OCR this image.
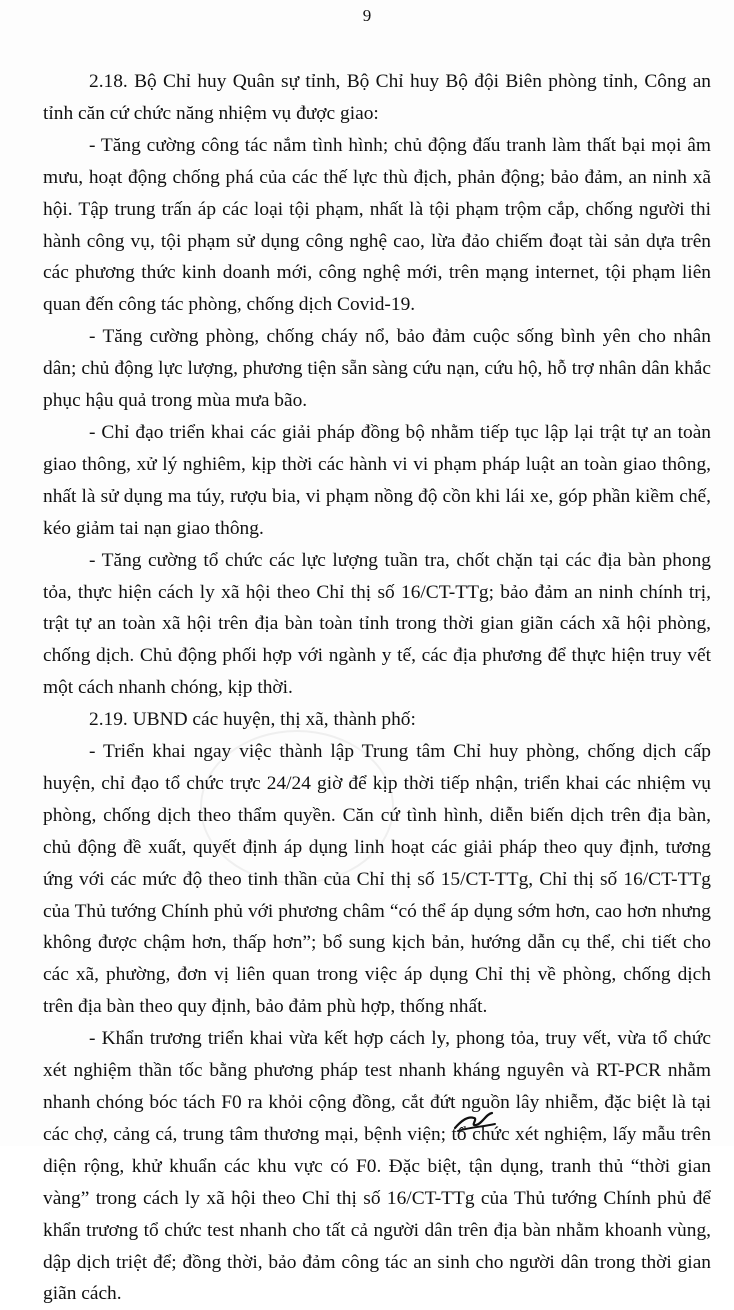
9

2.18. Bộ Chỉ huy Quân sự tỉnh, Bộ Chỉ huy Bộ đội Biên phòng tỉnh, Công an tỉnh căn cứ chức năng nhiệm vụ được giao:

- Tăng cường công tác nắm tình hình; chủ động đấu tranh làm thất bại mọi âm mưu, hoạt động chống phá của các thế lực thù địch, phản động; bảo đảm, an ninh xã hội. Tập trung trấn áp các loại tội phạm, nhất là tội phạm trộm cắp, chống người thi hành công vụ, tội phạm sử dụng công nghệ cao, lừa đảo chiếm đoạt tài sản dựa trên các phương thức kinh doanh mới, công nghệ mới, trên mạng internet, tội phạm liên quan đến công tác phòng, chống dịch Covid-19.

- Tăng cường phòng, chống cháy nổ, bảo đảm cuộc sống bình yên cho nhân dân; chủ động lực lượng, phương tiện sẵn sàng cứu nạn, cứu hộ, hỗ trợ nhân dân khắc phục hậu quả trong mùa mưa bão.

- Chỉ đạo triển khai các giải pháp đồng bộ nhằm tiếp tục lập lại trật tự an toàn giao thông, xử lý nghiêm, kịp thời các hành vi vi phạm pháp luật an toàn giao thông, nhất là sử dụng ma túy, rượu bia, vi phạm nồng độ cồn khi lái xe, góp phần kiềm chế, kéo giảm tai nạn giao thông.

- Tăng cường tổ chức các lực lượng tuần tra, chốt chặn tại các địa bàn phong tỏa, thực hiện cách ly xã hội theo Chỉ thị số 16/CT-TTg; bảo đảm an ninh chính trị, trật tự an toàn xã hội trên địa bàn toàn tỉnh trong thời gian giãn cách xã hội phòng, chống dịch. Chủ động phối hợp với ngành y tế, các địa phương để thực hiện truy vết một cách nhanh chóng, kịp thời.

2.19. UBND các huyện, thị xã, thành phố:

- Triển khai ngay việc thành lập Trung tâm Chỉ huy phòng, chống dịch cấp huyện, chỉ đạo tổ chức trực 24/24 giờ để kịp thời tiếp nhận, triển khai các nhiệm vụ phòng, chống dịch theo thẩm quyền. Căn cứ tình hình, diễn biến dịch trên địa bàn, chủ động đề xuất, quyết định áp dụng linh hoạt các giải pháp theo quy định, tương ứng với các mức độ theo tinh thần của Chỉ thị số 15/CT-TTg, Chỉ thị số 16/CT-TTg của Thủ tướng Chính phủ với phương châm “có thể áp dụng sớm hơn, cao hơn nhưng không được chậm hơn, thấp hơn”; bổ sung kịch bản, hướng dẫn cụ thể, chi tiết cho các xã, phường, đơn vị liên quan trong việc áp dụng Chỉ thị về phòng, chống dịch trên địa bàn theo quy định, bảo đảm phù hợp, thống nhất.

- Khẩn trương triển khai vừa kết hợp cách ly, phong tỏa, truy vết, vừa tổ chức xét nghiệm thần tốc bằng phương pháp test nhanh kháng nguyên và RT-PCR nhằm nhanh chóng bóc tách F0 ra khỏi cộng đồng, cắt đứt nguồn lây nhiễm, đặc biệt là tại các chợ, cảng cá, trung tâm thương mại, bệnh viện; tổ chức xét nghiệm, lấy mẫu trên diện rộng, khử khuẩn các khu vực có F0. Đặc biệt, tận dụng, tranh thủ “thời gian vàng” trong cách ly xã hội theo Chỉ thị số 16/CT-TTg của Thủ tướng Chính phủ để khẩn trương tổ chức test nhanh cho tất cả người dân trên địa bàn nhằm khoanh vùng, dập dịch triệt để; đồng thời, bảo đảm công tác an sinh cho người dân trong thời gian giãn cách.
